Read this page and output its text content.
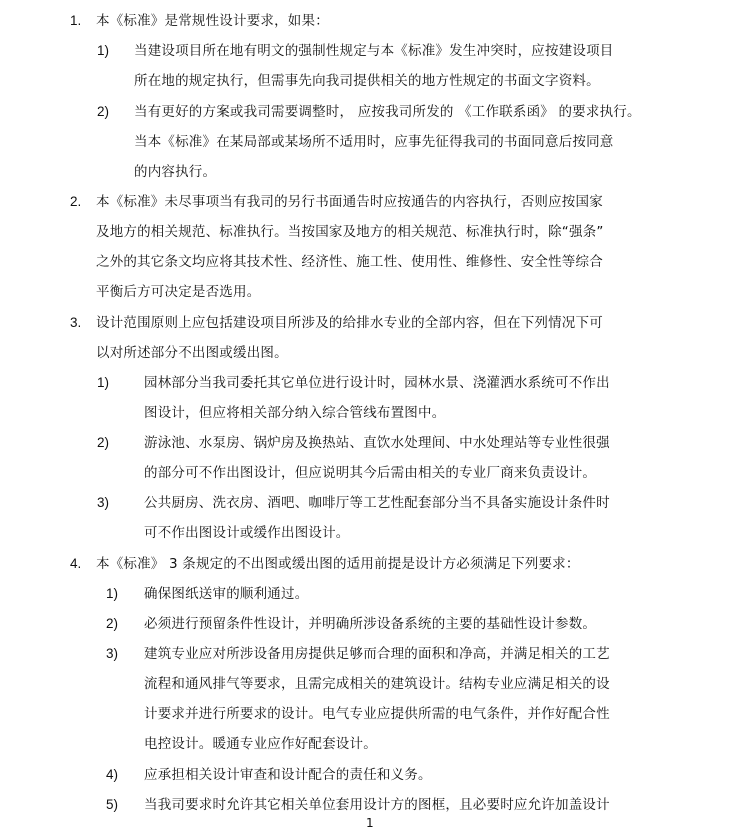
1. 本《标准》是常规性设计要求，如果：
1) 当建设项目所在地有明文的强制性规定与本《标准》发生冲突时，应按建设项目
所在地的规定执行，但需事先向我司提供相关的地方性规定的书面文字资料。
2) 当有更好的方案或我司需要调整时， 应按我司所发的 《工作联系函》 的要求执行。
当本《标准》在某局部或某场所不适用时，应事先征得我司的书面同意后按同意
的内容执行。
2. 本《标准》未尽事项当有我司的另行书面通告时应按通告的内容执行，否则应按国家
及地方的相关规范、标准执行。当按国家及地方的相关规范、标准执行时，除“强条”
之外的其它条文均应将其技术性、经济性、施工性、使用性、维修性、安全性等综合
平衡后方可决定是否选用。
3. 设计范围原则上应包括建设项目所涉及的给排水专业的全部内容，但在下列情况下可
以对所述部分不出图或缓出图。
1)	园林部分当我司委托其它单位进行设计时，园林水景、浇灌洒水系统可不作出
图设计，但应将相关部分纳入综合管线布置图中。
2)	游泳池、水泵房、锅炉房及换热站、直饮水处理间、中水处理站等专业性很强
的部分可不作出图设计，但应说明其今后需由相关的专业厂商来负责设计。
3)	公共厨房、洗衣房、酒吧、咖啡厅等工艺性配套部分当不具备实施设计条件时
可不作出图设计或缓作出图设计。
4. 本《标准》 3 条规定的不出图或缓出图的适用前提是设计方必须满足下列要求：
1) 确保图纸送审的顺利通过。
2) 必须进行预留条件性设计，并明确所涉设备系统的主要的基础性设计参数。
3) 建筑专业应对所涉设备用房提供足够而合理的面积和净高，并满足相关的工艺
流程和通风排气等要求，且需完成相关的建筑设计。结构专业应满足相关的设
计要求并进行所要求的设计。电气专业应提供所需的电气条件，并作好配合性
电控设计。暖通专业应作好配套设计。
4) 应承担相关设计审查和设计配合的责任和义务。
5) 当我司要求时允许其它相关单位套用设计方的图框，且必要时应允许加盖设计
1
